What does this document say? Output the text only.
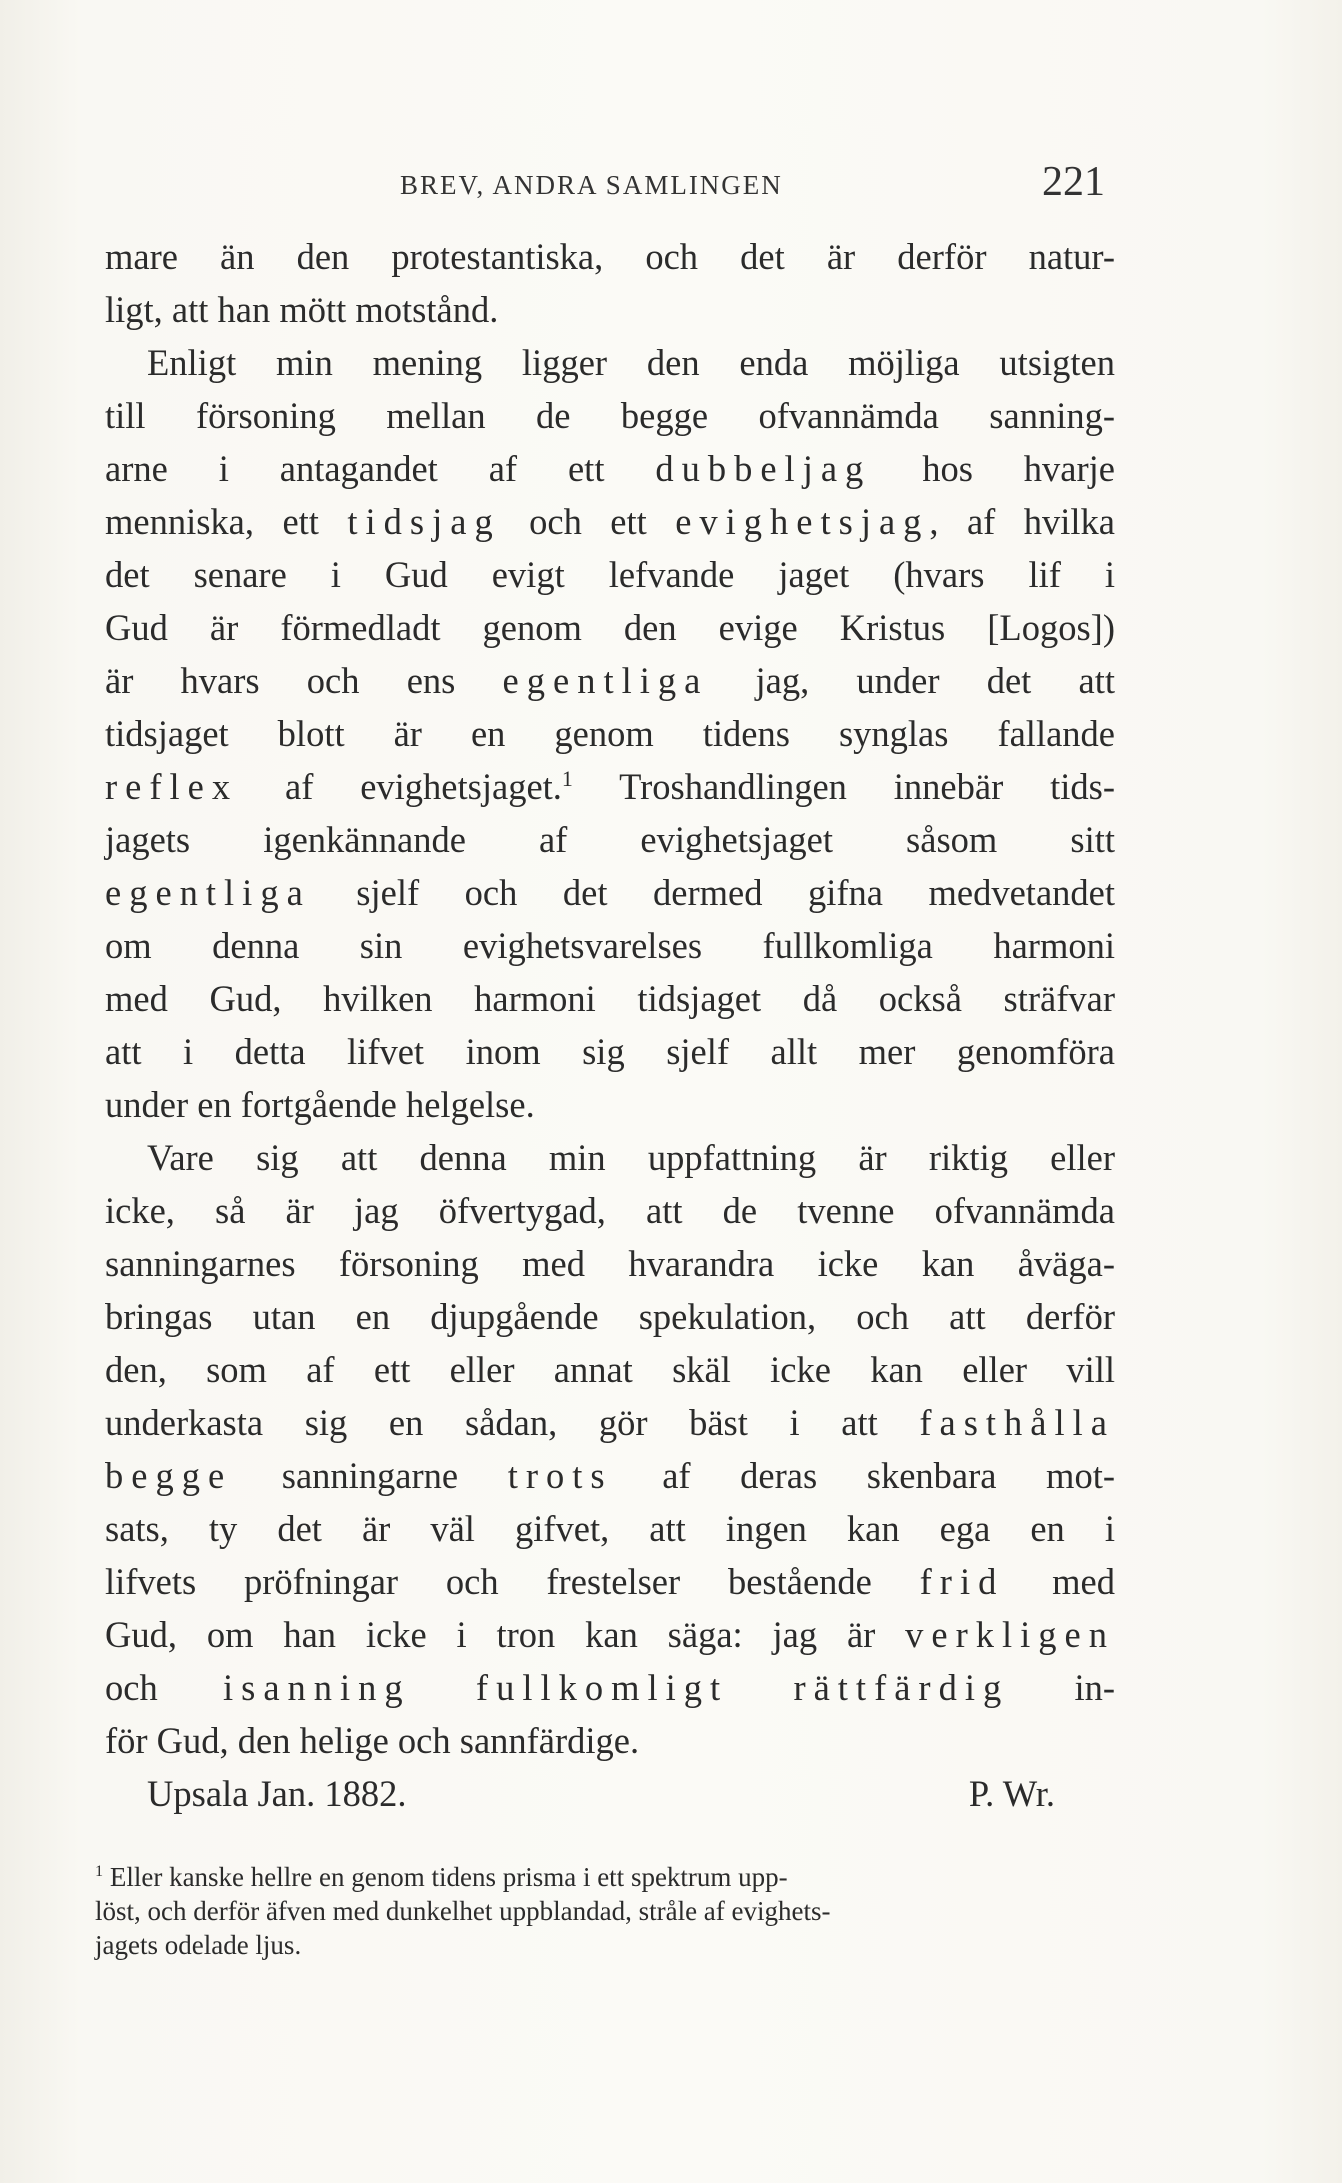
BREV, ANDRA SAMLINGEN	221
mare än den protestantiska, och det är derför natur-
ligt, att han mött motstånd.
Enligt min mening ligger den enda möjliga utsigten
till försoning mellan de begge ofvannämda sanning-
arne i antagandet af ett dubbeljag hos hvarje
menniska, ett tidsjag och ett evighetsjag, af hvilka
det senare i Gud evigt lefvande jaget (hvars lif i
Gud är förmedladt genom den evige Kristus [Logos])
är hvars och ens egentliga jag, under det att
tidsjaget blott är en genom tidens synglas fallande
reflex af evighetsjaget.$^1$ Troshandlingen innebär tids-
jagets igenkännande af evighetsjaget såsom sitt
egentliga sjelf och det dermed gifna medvetandet
om denna sin evighetsvarelses fullkomliga harmoni
med Gud, hvilken harmoni tidsjaget då också sträfvar
att i detta lifvet inom sig sjelf allt mer genomföra
under en fortgående helgelse.
Vare sig att denna min uppfattning är riktig eller
icke, så är jag öfvertygad, att de tvenne ofvannämda
sanningarnes försoning med hvarandra icke kan åväga-
bringas utan en djupgående spekulation, och att derför
den, som af ett eller annat skäl icke kan eller vill
underkasta sig en sådan, gör bäst i att fasthålla
begge sanningarne trots af deras skenbara mot-
sats, ty det är väl gifvet, att ingen kan ega en i
lifvets pröfningar och frestelser bestående frid med
Gud, om han icke i tron kan säga: jag är verkligen
och isanning fullkomligt rättfärdig in-
för Gud, den helige och sannfärdige.
Upsala Jan. 1882.	P. Wr.
$^1$ Eller kanske hellre en genom tidens prisma i ett spektrum upp-
löst, och derför äfven med dunkelhet uppblandad, stråle af evighets-
jagets odelade ljus.
